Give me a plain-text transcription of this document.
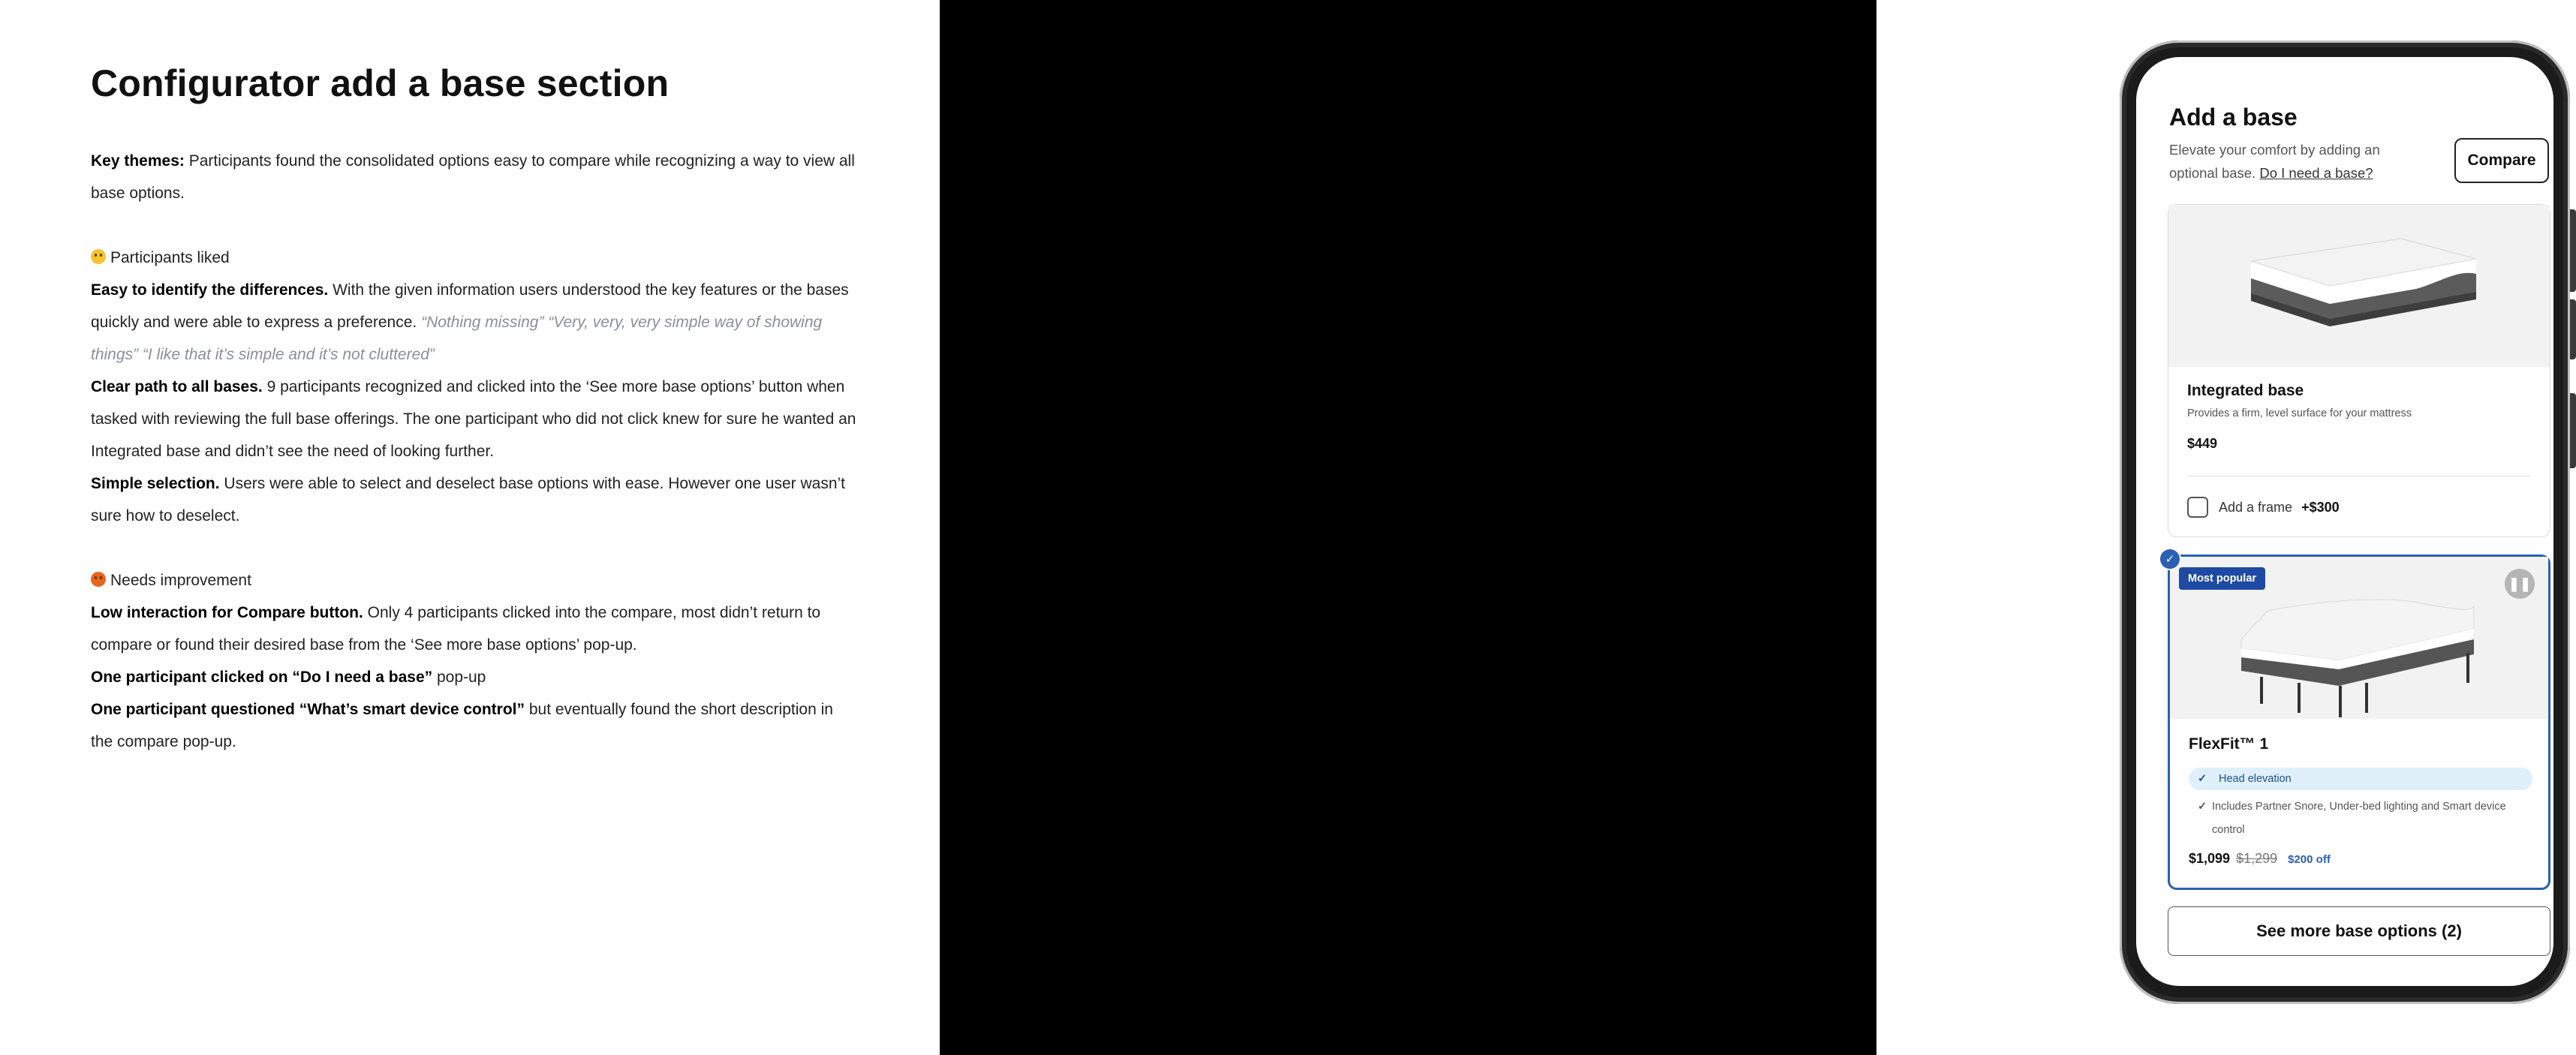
Configurator add a base section

Key themes: Participants found the consolidated options easy to compare while recognizing a way to view all base options.

Participants liked

Easy to identify the differences. With the given information users understood the key features or the bases quickly and were able to express a preference. “Nothing missing” “Very, very, very simple way of showing things” “I like that it’s simple and it’s not cluttered”

Clear path to all bases. 9 participants recognized and clicked into the ‘See more base options’ button when tasked with reviewing the full base offerings. The one participant who did not click knew for sure he wanted an Integrated base and didn’t see the need of looking further.

Simple selection. Users were able to select and deselect base options with ease. However one user wasn’t sure how to deselect.

Needs improvement

Low interaction for Compare button. Only 4 participants clicked into the compare, most didn’t return to compare or found their desired base from the ‘See more base options’ pop-up.

One participant clicked on “Do I need a base” pop-up

One participant questioned “What’s smart device control” but eventually found the short description in the compare pop-up.

Add a base
Elevate your comfort by adding an optional base. Do I need a base?
Compare
Integrated base
Provides a firm, level surface for your mattress
$449
Add a frame +$300
✓
Most popular	❚❚
FlexFit™ 1
✓ Head elevation
✓ Includes Partner Snore, Under-bed lighting and Smart device control
$1,099 $1,299 $200 off
See more base options (2)
